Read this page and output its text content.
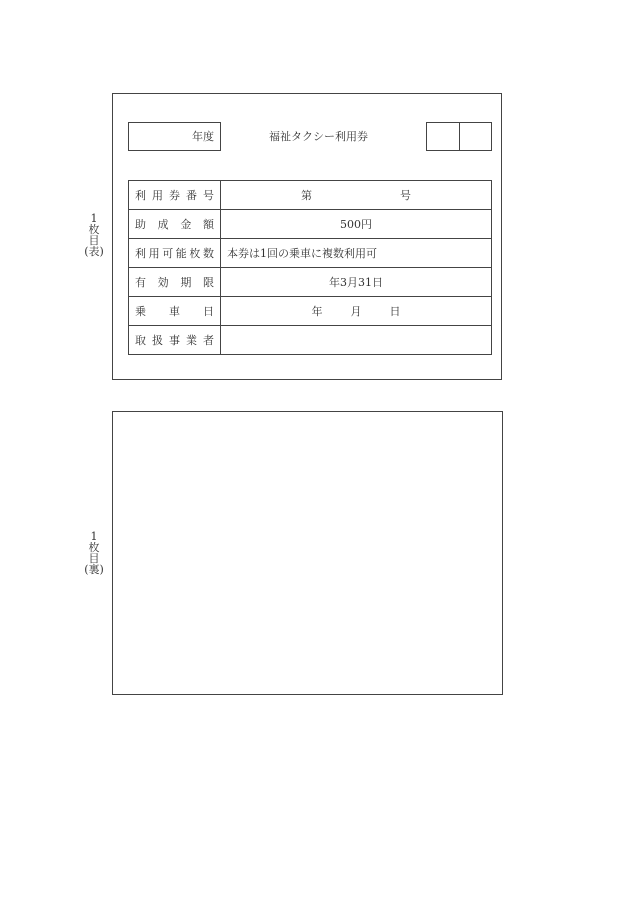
1
枚
目
(表)
年度	福祉タクシー利用券
利用券番号	第 号
助成金額	500円
利用可能枚数	本券は1回の乗車に複数利用可
有効期限	年3月31日
乗車日	年 月 日
取扱事業者	
1
枚
目
(裏)
